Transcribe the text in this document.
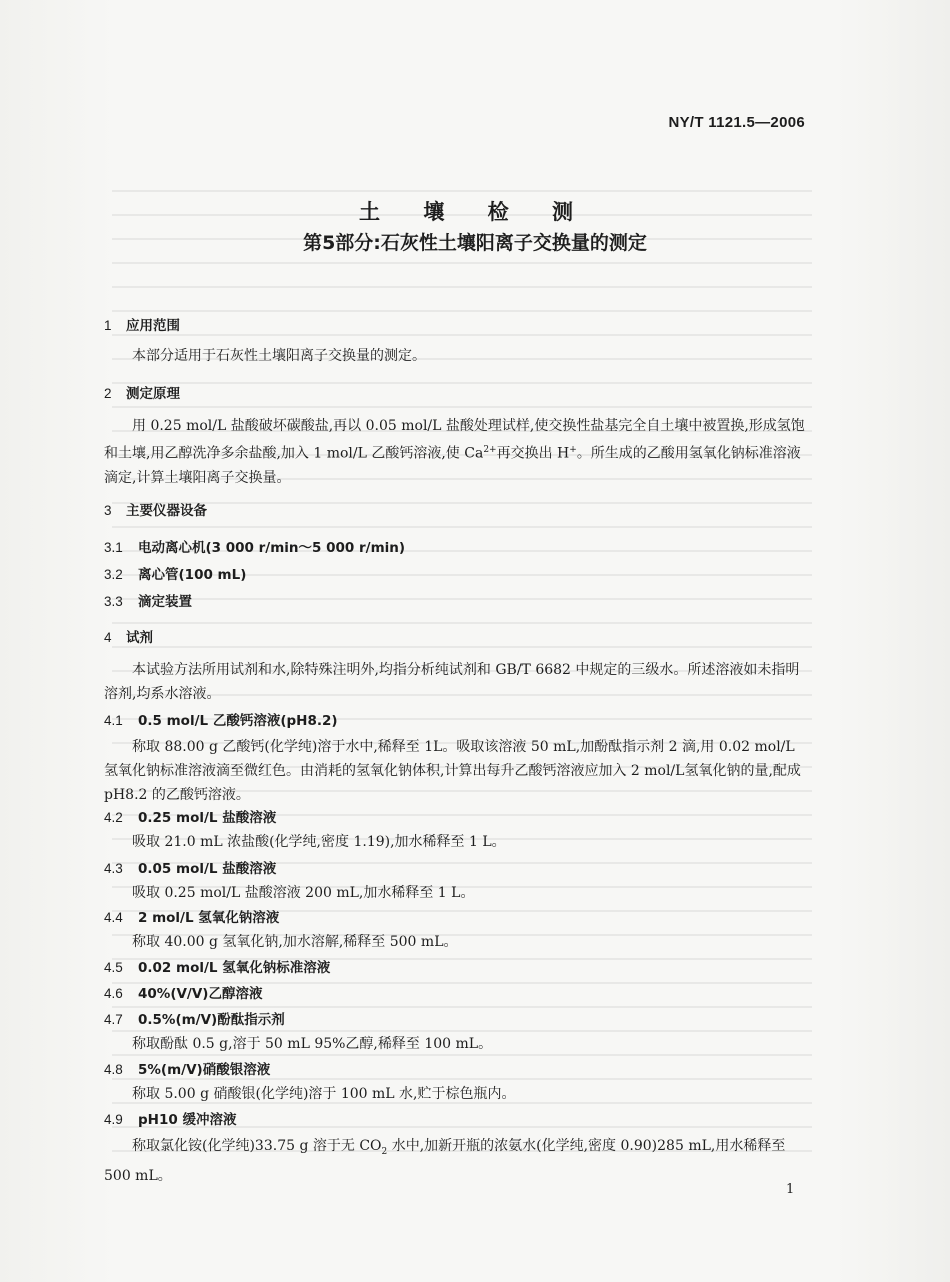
NY/T 1121.5—2006
土 壤 检 测
第5部分:石灰性土壤阳离子交换量的测定
1 应用范围
本部分适用于石灰性土壤阳离子交换量的测定。
2 测定原理
用 0.25 mol/L 盐酸破坏碳酸盐,再以 0.05 mol/L 盐酸处理试样,使交换性盐基完全自土壤中被置换,形成氢饱和土壤,用乙醇洗净多余盐酸,加入 1 mol/L 乙酸钙溶液,使 $Ca^{2+}$再交换出 H+。所生成的乙酸用氢氧化钠标准溶液滴定,计算土壤阳离子交换量。
3 主要仪器设备
3.1 电动离心机(3 000 r/min～5 000 r/min)
3.2 离心管(100 mL)
3.3 滴定装置
4 试剂
本试验方法所用试剂和水,除特殊注明外,均指分析纯试剂和 GB/T 6682 中规定的三级水。所述溶液如未指明溶剂,均系水溶液。
4.1 0.5 mol/L 乙酸钙溶液(pH8.2)
称取 88.00 g 乙酸钙(化学纯)溶于水中,稀释至 1L。吸取该溶液 50 mL,加酚酞指示剂 2 滴,用 0.02 mol/L 氢氧化钠标准溶液滴至微红色。由消耗的氢氧化钠体积,计算出每升乙酸钙溶液应加入 2 mol/L氢氧化钠的量,配成 pH8.2 的乙酸钙溶液。
4.2 0.25 mol/L 盐酸溶液
吸取 21.0 mL 浓盐酸(化学纯,密度 1.19),加水稀释至 1 L。
4.3 0.05 mol/L 盐酸溶液
吸取 0.25 mol/L 盐酸溶液 200 mL,加水稀释至 1 L。
4.4 2 mol/L 氢氧化钠溶液
称取 40.00 g 氢氧化钠,加水溶解,稀释至 500 mL。
4.5 0.02 mol/L 氢氧化钠标准溶液
4.6 40%(V/V)乙醇溶液
4.7 0.5%(m/V)酚酞指示剂
称取酚酞 0.5 g,溶于 50 mL 95%乙醇,稀释至 100 mL。
4.8 5%(m/V)硝酸银溶液
称取 5.00 g 硝酸银(化学纯)溶于 100 mL 水,贮于棕色瓶内。
4.9 pH10 缓冲溶液
称取氯化铵(化学纯)33.75 g 溶于无 $CO_2$ 水中,加新开瓶的浓氨水(化学纯,密度 0.90)285 mL,用水稀释至 500 mL。
1
